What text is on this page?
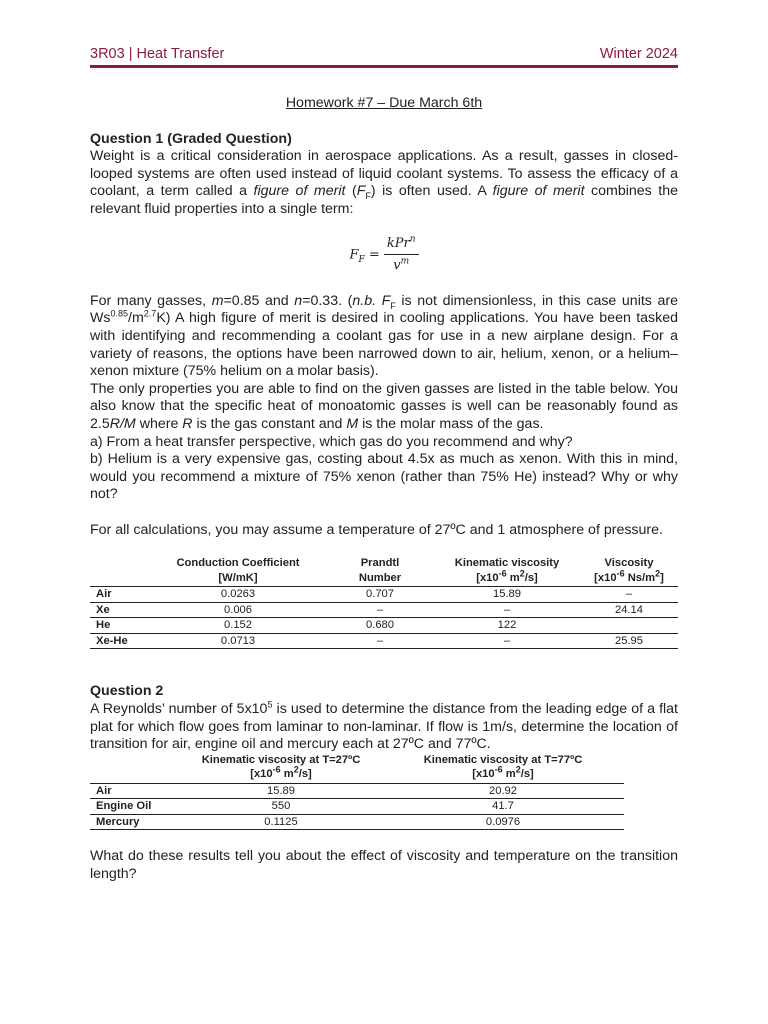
3R03 | Heat Transfer	Winter 2024
Homework #7 – Due March 6th
Question 1 (Graded Question)

Weight is a critical consideration in aerospace applications. As a result, gasses in closed-looped systems are often used instead of liquid coolant systems. To assess the efficacy of a coolant, a term called a figure of merit $(F_F)$ is often used. A figure of merit combines the relevant fluid properties into a single term:

$F_F = \frac{kPr^n}{v^m}$

For many gasses, m=0.85 and n=0.33. (n.b. $F_F$ is not dimensionless, in this case units are $Ws^{0.85}/m^{2.7}K$) A high figure of merit is desired in cooling applications. You have been tasked with identifying and recommending a coolant gas for use in a new airplane design. For a variety of reasons, the options have been narrowed down to air, helium, xenon, or a helium–xenon mixture (75% helium on a molar basis).

The only properties you are able to find on the given gasses are listed in the table below. You also know that the specific heat of monoatomic gasses is well can be reasonably found as 2.5R/M where R is the gas constant and M is the molar mass of the gas.

a) From a heat transfer perspective, which gas do you recommend and why?

b) Helium is a very expensive gas, costing about 4.5x as much as xenon. With this in mind, would you recommend a mixture of 75% xenon (rather than 75% He) instead? Why or why not?

For all calculations, you may assume a temperature of 27ºC and 1 atmosphere of pressure.

	Conduction Coefficient	Prandtl	Kinematic viscosity	Viscosity
	[W/mK]	Number	[$x10^{-6}$ $m^2/s$]	[$x10^{-6}$ $Ns/m^2$]
Air	0.0263	0.707	15.89	–
Xe	0.006	–	–	24.14
He	0.152	0.680	122	
Xe-He	0.0713	–	–	25.95
Question 2

A Reynolds’ number of $5x10^5$ is used to determine the distance from the leading edge of a flat plat for which flow goes from laminar to non-laminar. If flow is 1m/s, determine the location of transition for air, engine oil and mercury each at 27ºC and 77ºC.

	Kinematic viscosity at T=27ºC	Kinematic viscosity at T=77ºC
	[$x10^{-6}$ $m^2/s$]	[$x10^{-6}$ $m^2/s$]
Air	15.89	20.92
Engine Oil	550	41.7
Mercury	0.1125	0.0976

What do these results tell you about the effect of viscosity and temperature on the transition length?
